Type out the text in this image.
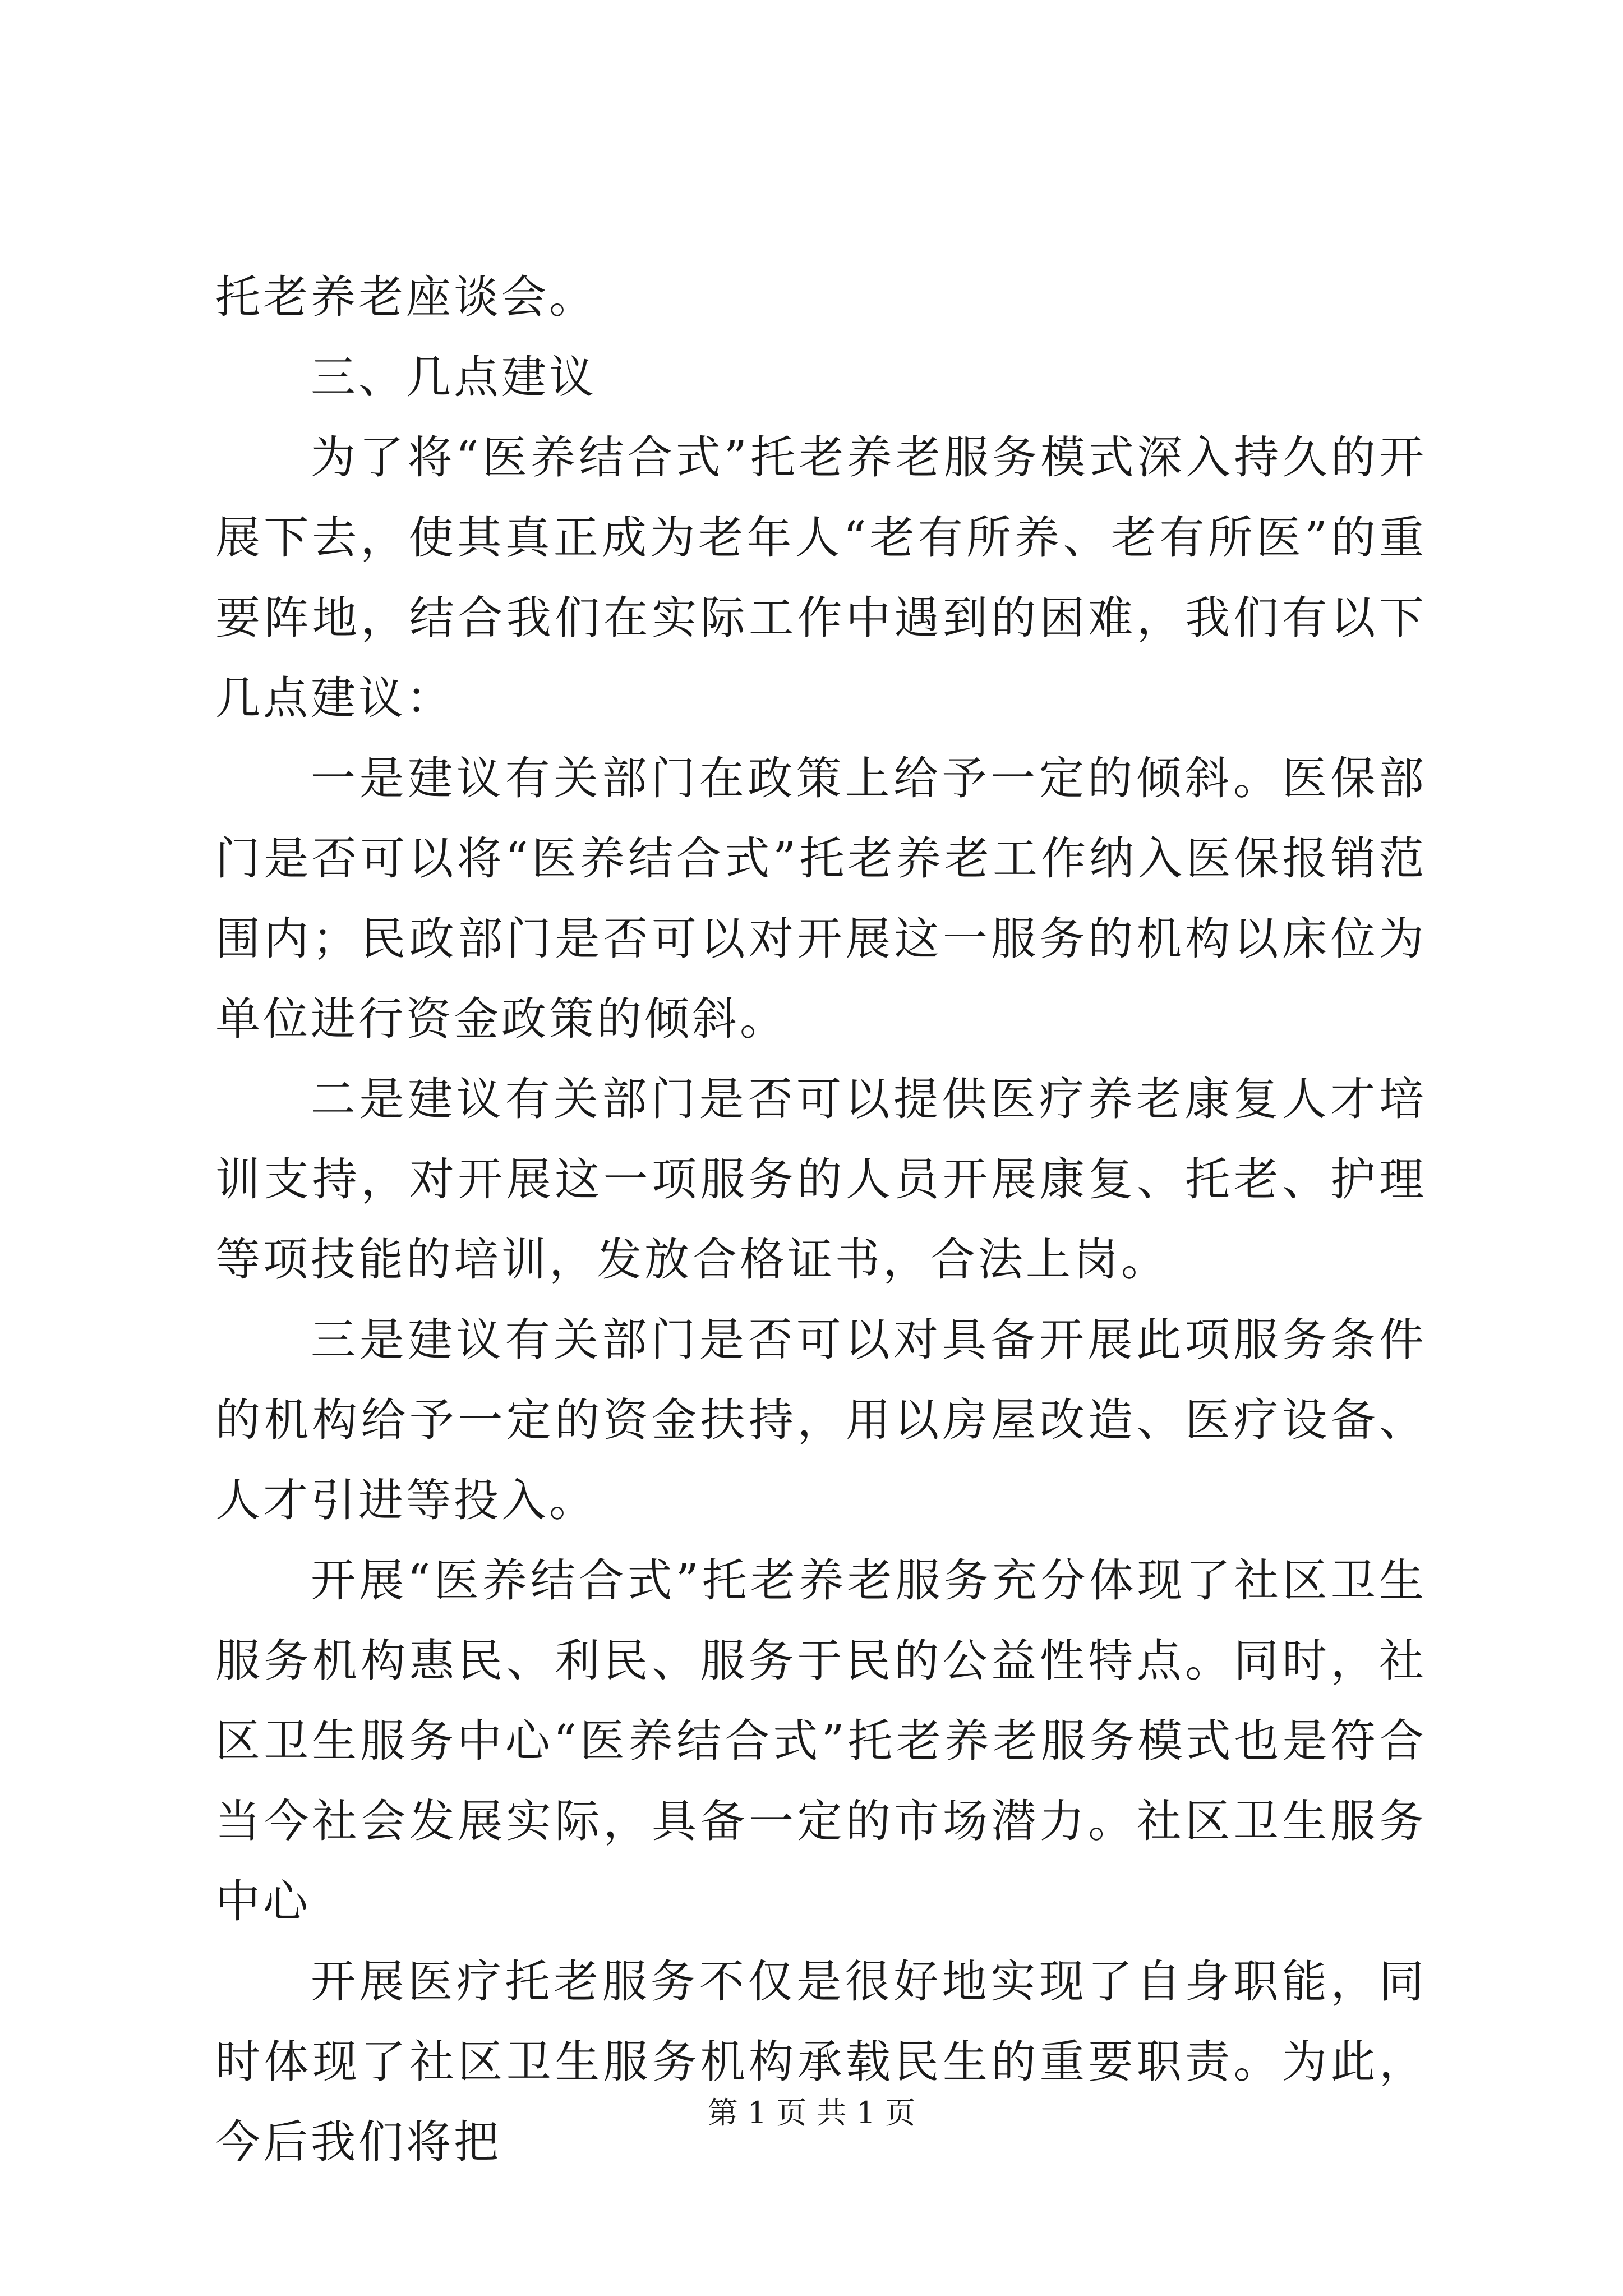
托老养老座谈会。

三、几点建议

为了将“医养结合式”托老养老服务模式深入持久的开展下去，使其真正成为老年人“老有所养、老有所医”的重要阵地，结合我们在实际工作中遇到的困难，我们有以下几点建议：

一是建议有关部门在政策上给予一定的倾斜。医保部门是否可以将“医养结合式”托老养老工作纳入医保报销范围内；民政部门是否可以对开展这一服务的机构以床位为单位进行资金政策的倾斜。

二是建议有关部门是否可以提供医疗养老康复人才培训支持，对开展这一项服务的人员开展康复、托老、护理等项技能的培训，发放合格证书，合法上岗。

三是建议有关部门是否可以对具备开展此项服务条件的机构给予一定的资金扶持，用以房屋改造、医疗设备、人才引进等投入。

开展“医养结合式”托老养老服务充分体现了社区卫生服务机构惠民、利民、服务于民的公益性特点。同时，社区卫生服务中心“医养结合式”托老养老服务模式也是符合当今社会发展实际，具备一定的市场潜力。社区卫生服务中心

开展医疗托老服务不仅是很好地实现了自身职能，同时体现了社区卫生服务机构承载民生的重要职责。为此，今后我们将把

第 1 页 共 1 页
